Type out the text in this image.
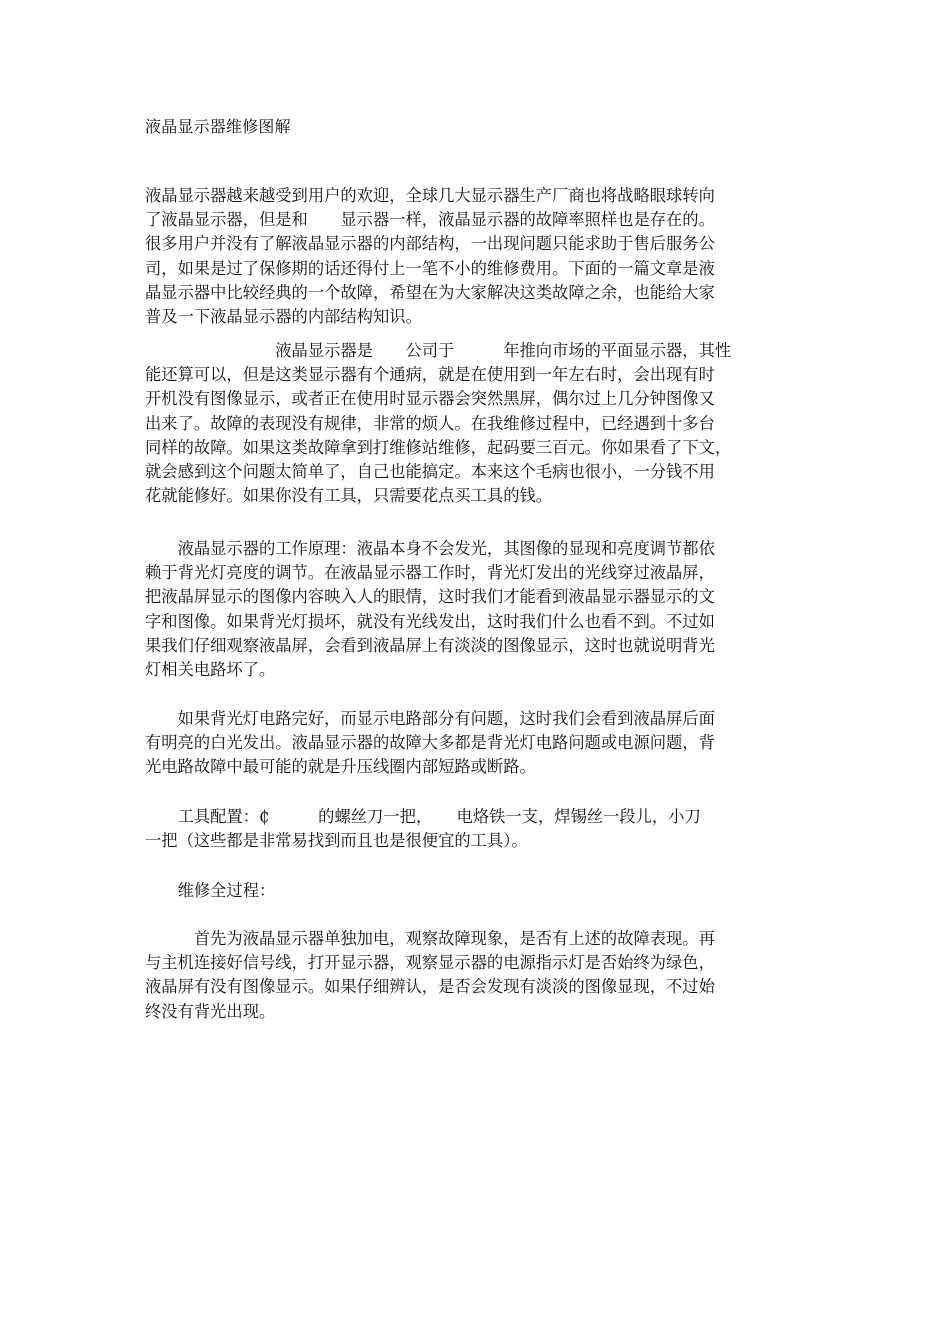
液晶显示器维修图解

液晶显示器越来越受到用户的欢迎，全球几大显示器生产厂商也将战略眼球转向
了液晶显示器，但是和　　显示器一样，液晶显示器的故障率照样也是存在的。
很多用户并没有了解液晶显示器的内部结构，一出现问题只能求助于售后服务公
司，如果是过了保修期的话还得付上一笔不小的维修费用。下面的一篇文章是液
晶显示器中比较经典的一个故障，希望在为大家解决这类故障之余，也能给大家
普及一下液晶显示器的内部结构知识。

　　　　　　　　液晶显示器是　　公司于　　　年推向市场的平面显示器，其性
能还算可以，但是这类显示器有个通病，就是在使用到一年左右时，会出现有时
开机没有图像显示，或者正在使用时显示器会突然黑屏，偶尔过上几分钟图像又
出来了。故障的表现没有规律，非常的烦人。在我维修过程中，已经遇到十多台
同样的故障。如果这类故障拿到打维修站维修，起码要三百元。你如果看了下文，
就会感到这个问题太简单了，自己也能搞定。本来这个毛病也很小，一分钱不用
花就能修好。如果你没有工具，只需要花点买工具的钱。

　　液晶显示器的工作原理：液晶本身不会发光，其图像的显现和亮度调节都依
赖于背光灯亮度的调节。在液晶显示器工作时，背光灯发出的光线穿过液晶屏，
把液晶屏显示的图像内容映入人的眼情，这时我们才能看到液晶显示器显示的文
字和图像。如果背光灯损坏，就没有光线发出，这时我们什么也看不到。不过如
果我们仔细观察液晶屏，会看到液晶屏上有淡淡的图像显示，这时也就说明背光
灯相关电路坏了。

　　如果背光灯电路完好，而显示电路部分有问题，这时我们会看到液晶屏后面
有明亮的白光发出。液晶显示器的故障大多都是背光灯电路问题或电源问题，背
光电路故障中最可能的就是升压线圈内部短路或断路。

　　工具配置：₵　　　的螺丝刀一把，　　电烙铁一支，焊锡丝一段儿，小刀
一把（这些都是非常易找到而且也是很便宜的工具）。

　　维修全过程：

　　　首先为液晶显示器单独加电，观察故障现象，是否有上述的故障表现。再
与主机连接好信号线，打开显示器，观察显示器的电源指示灯是否始终为绿色，
液晶屏有没有图像显示。如果仔细辨认，是否会发现有淡淡的图像显现，不过始
终没有背光出现。
